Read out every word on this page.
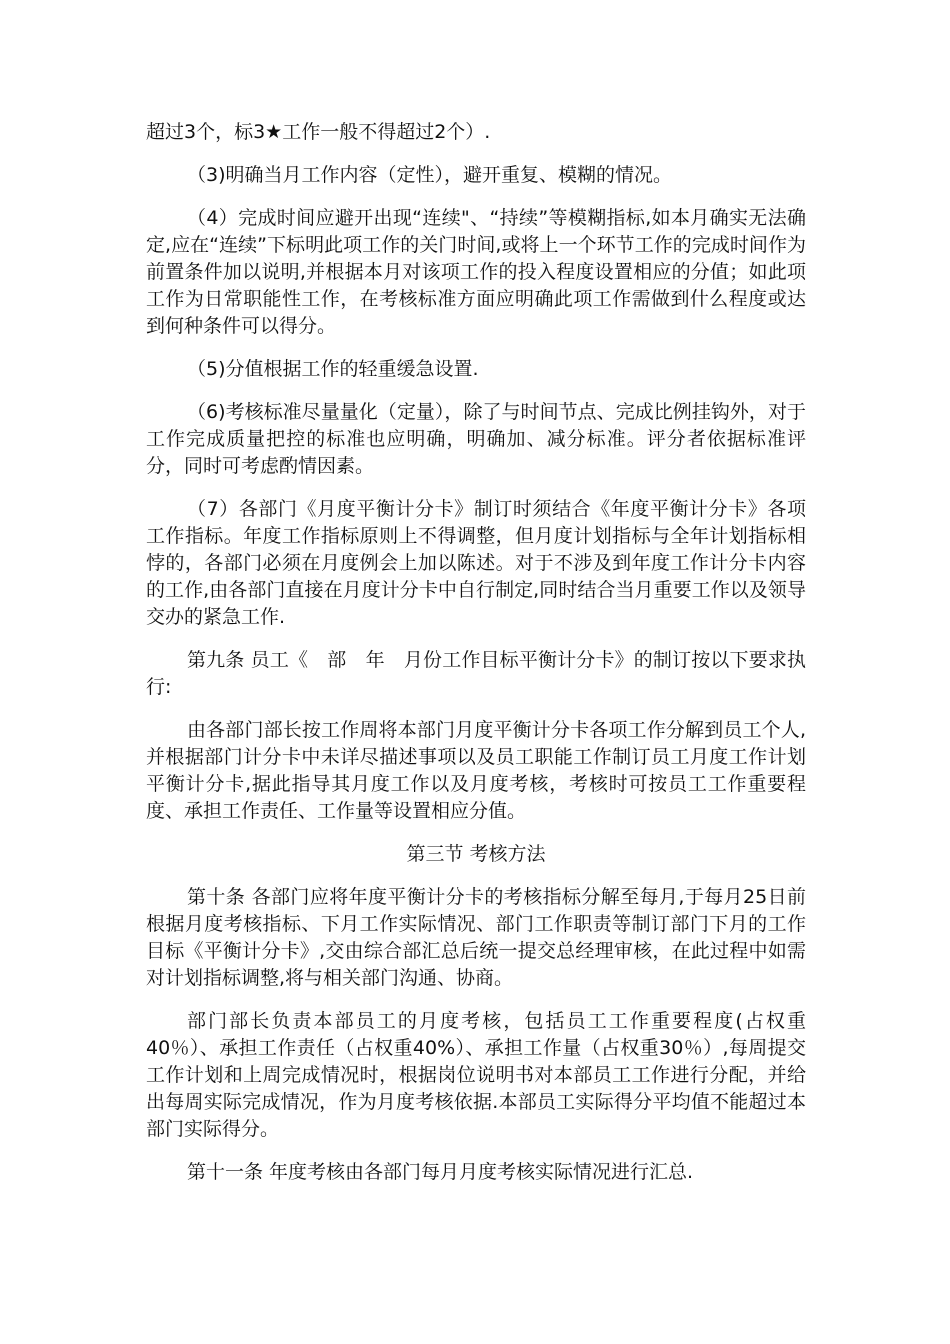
超过3个，标3★工作一般不得超过2个）.

（3)明确当月工作内容（定性），避开重复、模糊的情况。

（4）完成时间应避开出现“连续"、“持续”等模糊指标,如本月确实无法确定,应在“连续”下标明此项工作的关门时间,或将上一个环节工作的完成时间作为前置条件加以说明,并根据本月对该项工作的投入程度设置相应的分值；如此项工作为日常职能性工作，在考核标准方面应明确此项工作需做到什么程度或达到何种条件可以得分。

（5)分值根据工作的轻重缓急设置.

（6)考核标准尽量量化（定量），除了与时间节点、完成比例挂钩外，对于工作完成质量把控的标准也应明确，明确加、减分标准。评分者依据标准评分，同时可考虑酌情因素。

（7）各部门《月度平衡计分卡》制订时须结合《年度平衡计分卡》各项工作指标。年度工作指标原则上不得调整，但月度计划指标与全年计划指标相悖的，各部门必须在月度例会上加以陈述。对于不涉及到年度工作计分卡内容的工作,由各部门直接在月度计分卡中自行制定,同时结合当月重要工作以及领导交办的紧急工作.

第九条 员工《　部　年　月份工作目标平衡计分卡》的制订按以下要求执行:

由各部门部长按工作周将本部门月度平衡计分卡各项工作分解到员工个人,并根据部门计分卡中未详尽描述事项以及员工职能工作制订员工月度工作计划平衡计分卡,据此指导其月度工作以及月度考核，考核时可按员工工作重要程度、承担工作责任、工作量等设置相应分值。

第三节 考核方法

第十条 各部门应将年度平衡计分卡的考核指标分解至每月,于每月25日前根据月度考核指标、下月工作实际情况、部门工作职责等制订部门下月的工作目标《平衡计分卡》,交由综合部汇总后统一提交总经理审核，在此过程中如需对计划指标调整,将与相关部门沟通、协商。

部门部长负责本部员工的月度考核，包括员工工作重要程度(占权重40％）、承担工作责任（占权重40%）、承担工作量（占权重30％）,每周提交工作计划和上周完成情况时，根据岗位说明书对本部员工工作进行分配，并给出每周实际完成情况，作为月度考核依据.本部员工实际得分平均值不能超过本部门实际得分。

第十一条 年度考核由各部门每月月度考核实际情况进行汇总.
